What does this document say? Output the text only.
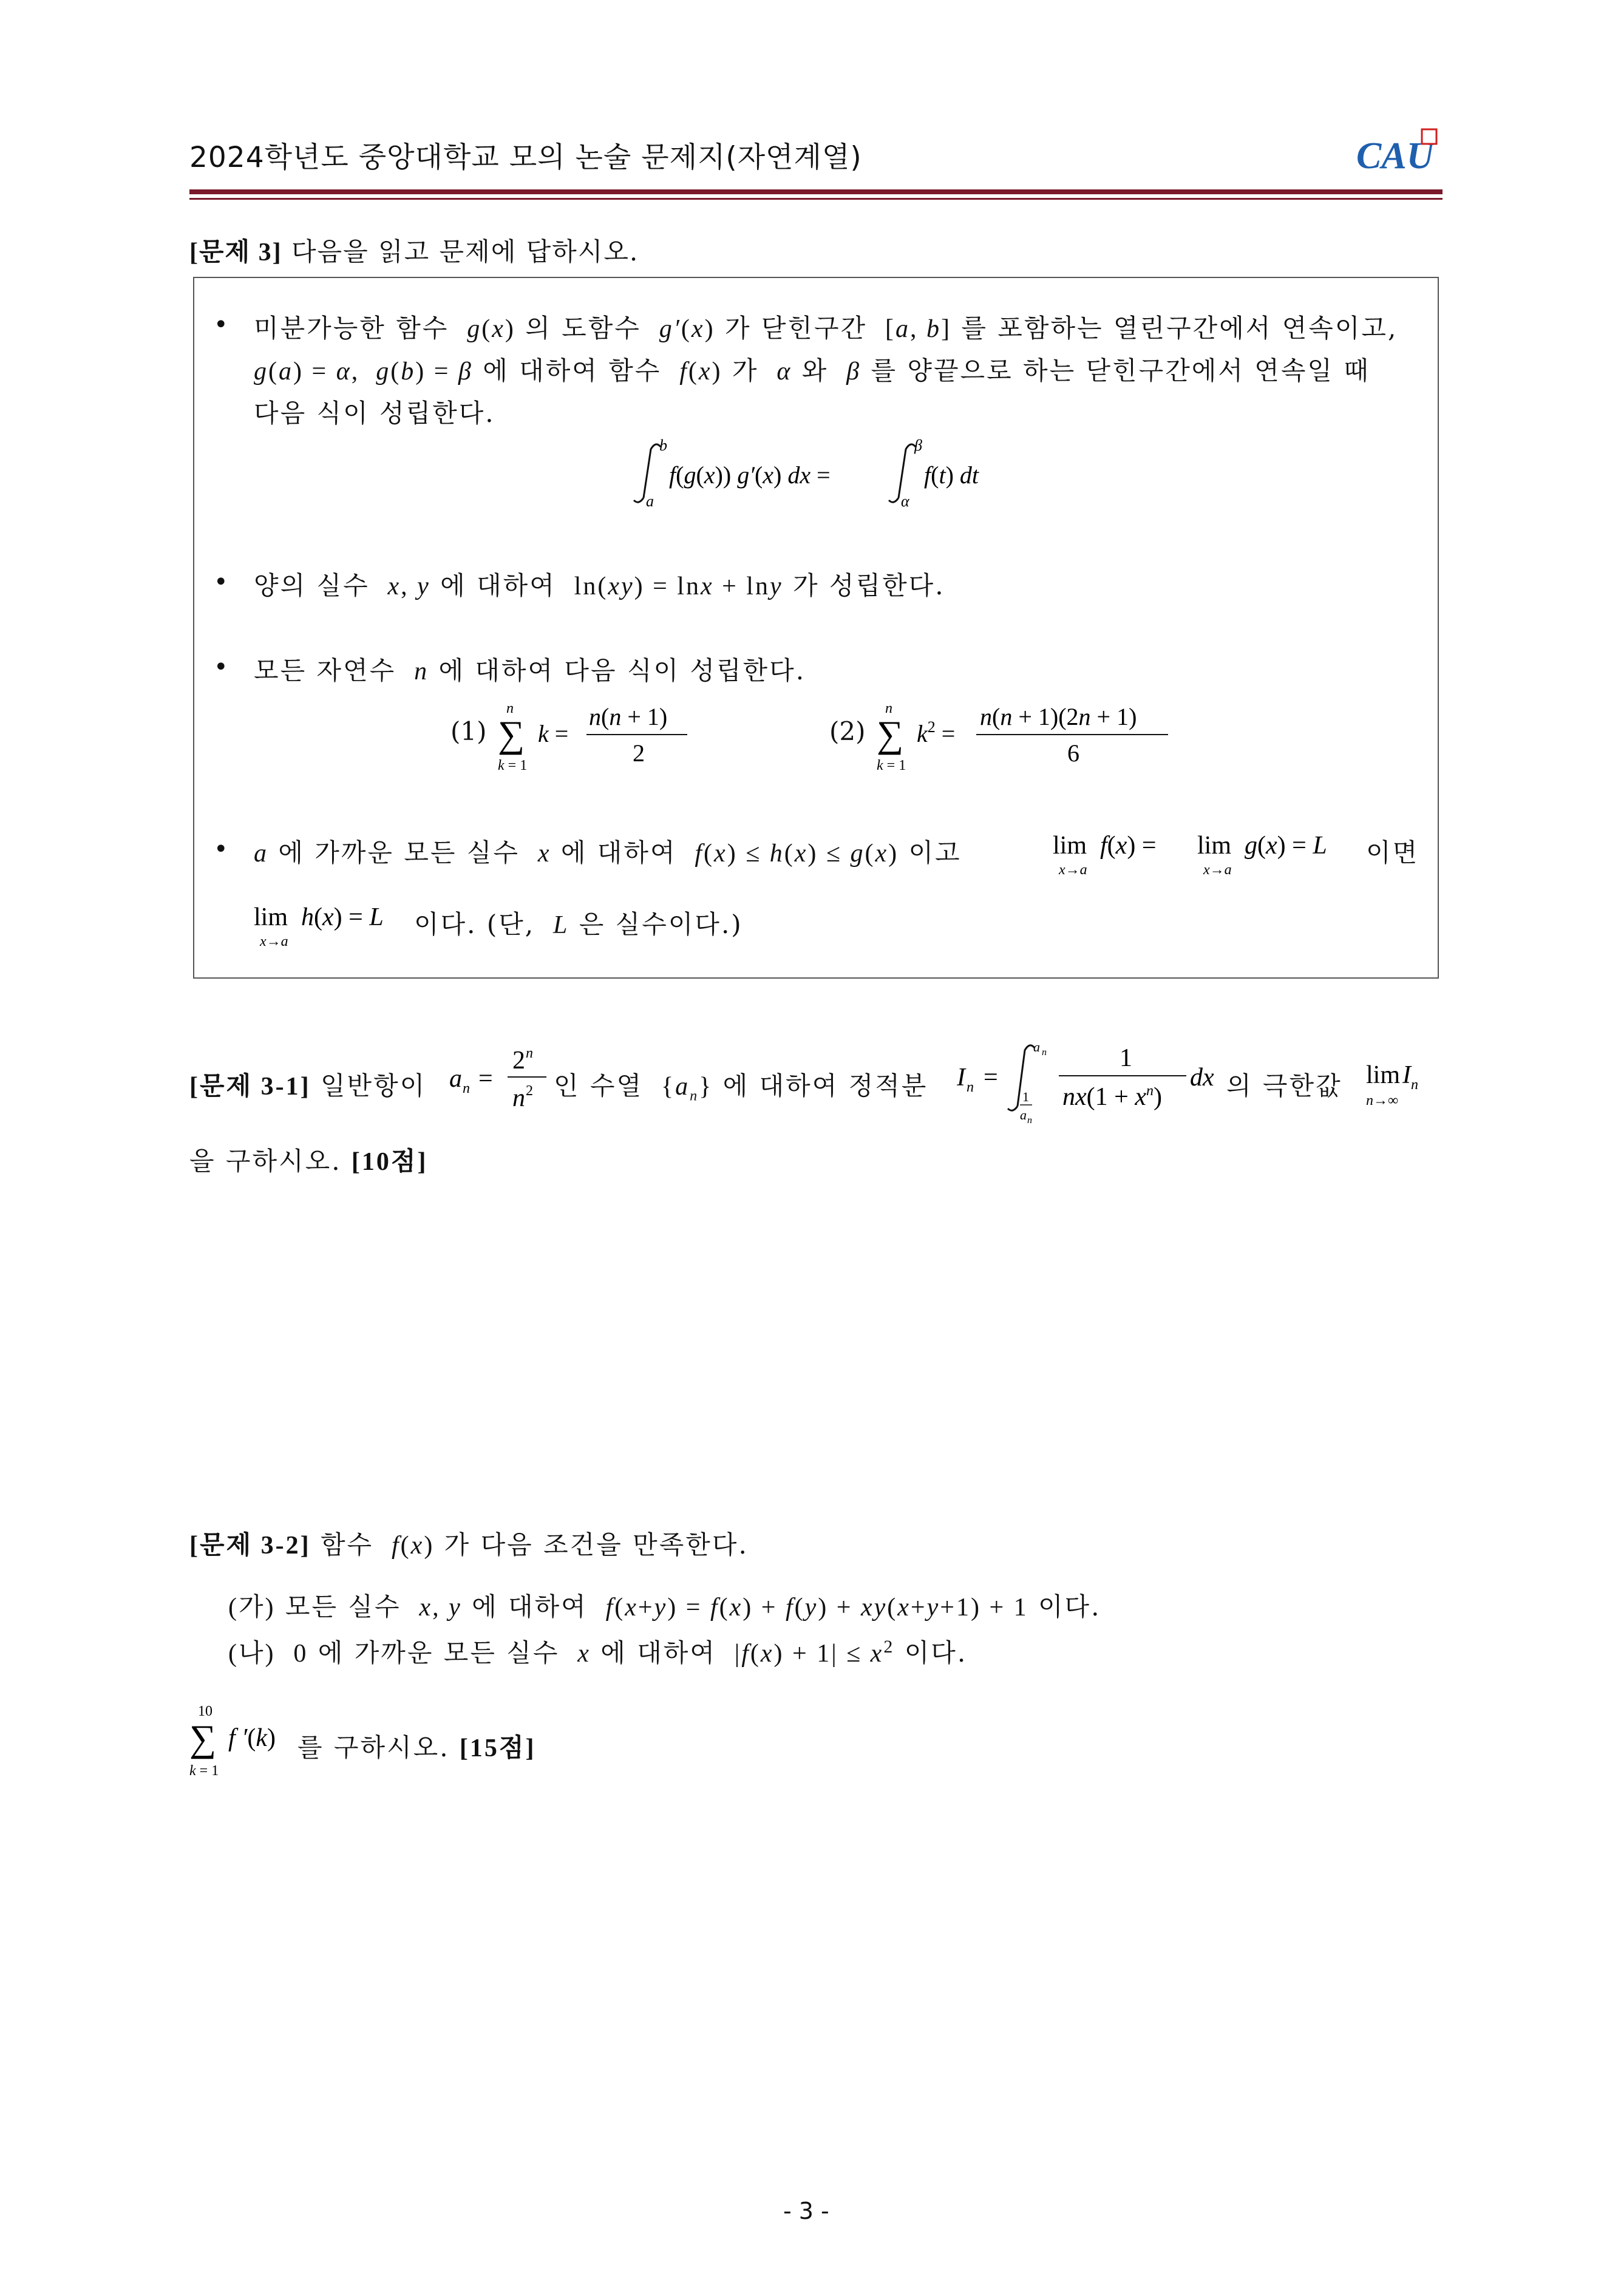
2024학년도 중앙대학교 모의 논술 문제지(자연계열)	CAU
[문제 3] 다음을 읽고 문제에 답하시오.
• 미분가능한 함수  g(x) 의 도함수  g′(x) 가 닫힌구간  [a, b] 를 포함하는 열린구간에서 연속이고,
g(a) = α,  g(b) = β 에 대하여 함수  f(x) 가  α 와  β 를 양끝으로 하는 닫힌구간에서 연속일 때
다음 식이 성립한다.
b
a
f(g(x)) g′(x) dx =
β
α
f(t) dt
• 양의 실수  x, y 에 대하여  ln(xy) = lnx + lny 가 성립한다.
• 모든 자연수  n 에 대하여 다음 식이 성립한다.
(1)
n
∑
k = 1
k =
n(n + 1)
2
(2)
n
∑
k = 1
$k^2$ =
n(n + 1)(2n + 1)
6
• a 에 가까운 모든 실수  x 에 대하여 f(x) ≤ h(x) ≤ g(x) 이고	lim
x→a
f(x) = lim
x→a
g(x) = L 이면
lim
x→a
h(x) = L 이다. (단,  L 은 실수이다.)
[문제 3-1] 일반항이 a n =
2 n
n 2 인 수열  $\{a_n\}$ 에 대하여 정적분 I n =
a n
1
a n
1
$nx(1 + x^n)$
dx 의 극한값 lim I n
n→∞
을 구하시오. [10점]
[문제 3-2] 함수  f(x) 가 다음 조건을 만족한다.
(가) 모든 실수  x, y 에 대하여 f(x+y) = f(x) + f(y) + xy(x+y+1) + 1 이다.
(나)  0 에 가까운 모든 실수  x 에 대하여  $|f(x) + 1| \le x^2$ 이다.
10
∑
k = 1
f ′(k) 를 구하시오. [15점]
- 3 -
